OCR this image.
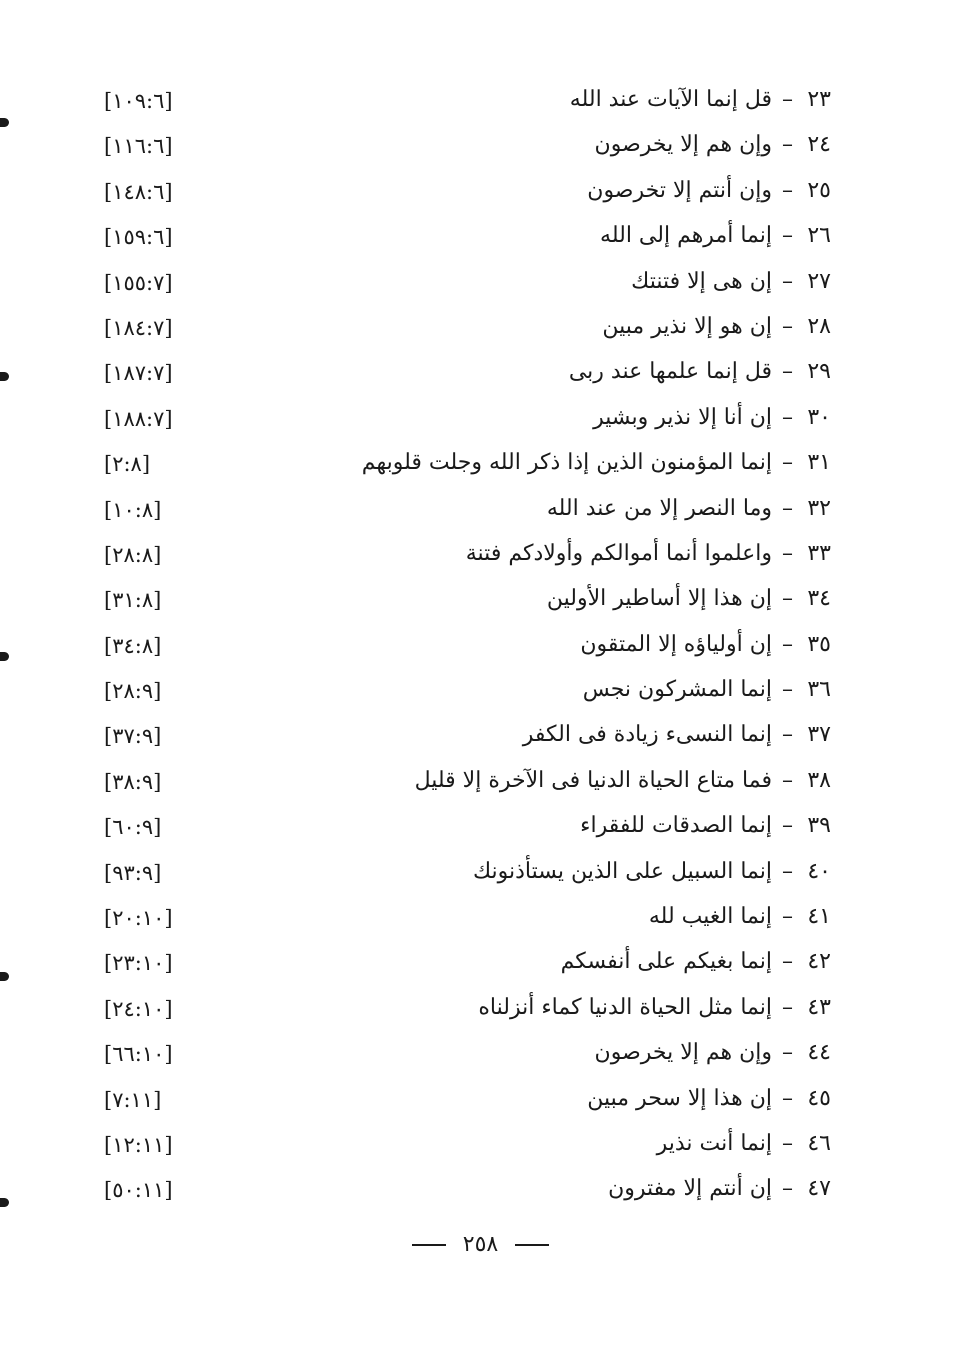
٢٣–قل إنما الآيات عند الله
[١٠٩:٦]
٢٤–وإن هم إلا يخرصون
[١١٦:٦]
٢٥–وإن أنتم إلا تخرصون
[١٤٨:٦]
٢٦–إنما أمرهم إلى الله
[١٥٩:٦]
٢٧–إن هى إلا فتنتك
[١٥٥:٧]
٢٨–إن هو إلا نذير مبين
[١٨٤:٧]
٢٩–قل إنما علمها عند ربى
[١٨٧:٧]
٣٠–إن أنا إلا نذير وبشير
[١٨٨:٧]
٣١–إنما المؤمنون الذين إذا ذكر الله وجلت قلوبهم
[٢:٨]
٣٢–وما النصر إلا من عند الله
[١٠:٨]
٣٣–واعلموا أنما أموالكم وأولادكم فتنة
[٢٨:٨]
٣٤–إن هذا إلا أساطير الأولين
[٣١:٨]
٣٥–إن أولياؤه إلا المتقون
[٣٤:٨]
٣٦–إنما المشركون نجس
[٢٨:٩]
٣٧–إنما النسىء زيادة فى الكفر
[٣٧:٩]
٣٨–فما متاع الحياة الدنيا فى الآخرة إلا قليل
[٣٨:٩]
٣٩–إنما الصدقات للفقراء
[٦٠:٩]
٤٠–إنما السبيل على الذين يستأذنونك
[٩٣:٩]
٤١–إنما الغيب لله
[٢٠:١٠]
٤٢–إنما بغيكم على أنفسكم
[٢٣:١٠]
٤٣–إنما مثل الحياة الدنيا كماء أنزلناه
[٢٤:١٠]
٤٤–وإن هم إلا يخرصون
[٦٦:١٠]
٤٥–إن هذا إلا سحر مبين
[٧:١١]
٤٦–إنما أنت نذير
[١٢:١١]
٤٧–إن أنتم إلا مفترون
[٥٠:١١]
٢٥٨
